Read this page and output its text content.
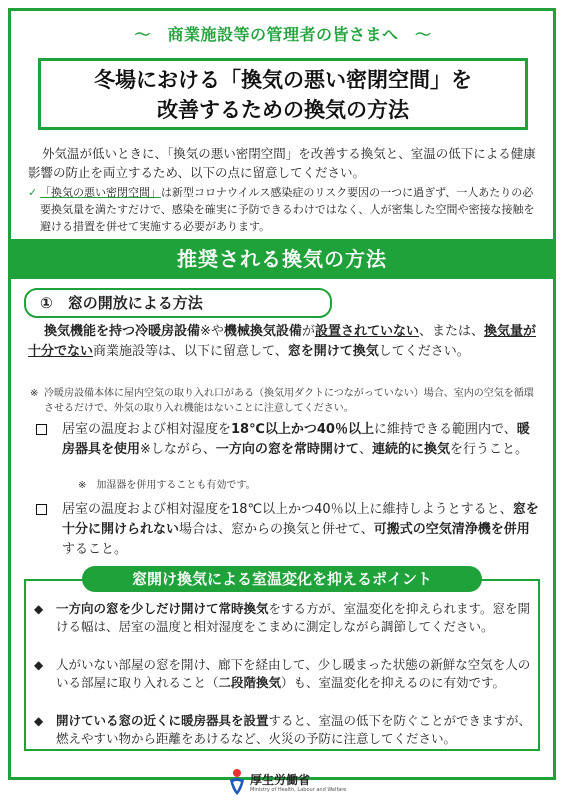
～　商業施設等の管理者の皆さまへ　～
冬場における「換気の悪い密閉空間」を
改善するための換気の方法
外気温が低いときに、「換気の悪い密閉空間」を改善する換気と、室温の低下による健康影響の防止を両立するため、以下の点に留意してください。
✓ 「換気の悪い密閉空間」は新型コロナウイルス感染症のリスク要因の一つに過ぎず、一人あたりの必要換気量を満たすだけで、感染を確実に予防できるわけではなく、人が密集した空間や密接な接触を避ける措置を併せて実施する必要があります。
推奨される換気の方法
①　窓の開放による方法
換気機能を持つ冷暖房設備※や機械換気設備が設置されていない、または、換気量が十分でない商業施設等は、以下に留意して、窓を開けて換気してください。
※ 冷暖房設備本体に屋内空気の取り入れ口がある（換気用ダクトにつながっていない）場合、室内の空気を循環させるだけで、外気の取り入れ機能はないことに注意してください。
居室の温度および相対湿度を18℃以上かつ40％以上に維持できる範囲内で、暖房器具を使用※しながら、一方向の窓を常時開けて、連続的に換気を行うこと。
※　加湿器を併用することも有効です。
居室の温度および相対湿度を18℃以上かつ40％以上に維持しようとすると、窓を十分に開けられない場合は、窓からの換気と併せて、可搬式の空気清浄機を併用すること。
窓開け換気による室温変化を抑えるポイント
◆ 一方向の窓を少しだけ開けて常時換気をする方が、室温変化を抑えられます。窓を開ける幅は、居室の温度と相対湿度をこまめに測定しながら調節してください。
◆ 人がいない部屋の窓を開け、廊下を経由して、少し暖まった状態の新鮮な空気を人のいる部屋に取り入れること（二段階換気）も、室温変化を抑えるのに有効です。
◆ 開けている窓の近くに暖房器具を設置すると、室温の低下を防ぐことができますが、燃えやすい物から距離をあけるなど、火災の予防に注意してください。
厚生労働省
Ministry of Health, Labour and Welfare
